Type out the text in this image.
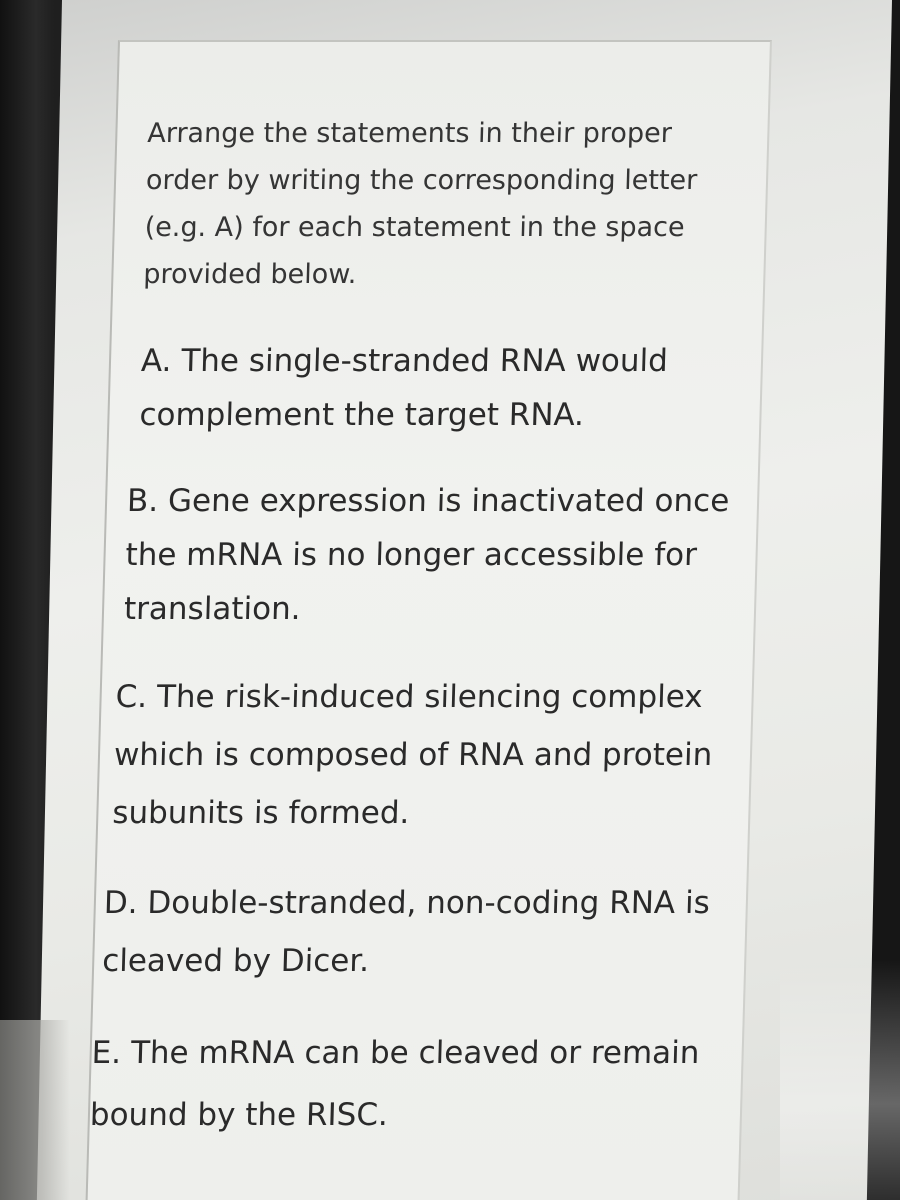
Arrange the statements in their proper order by writing the corresponding letter (e.g. A) for each statement in the space provided below.

A. The single-stranded RNA would complement the target RNA.

B. Gene expression is inactivated once the mRNA is no longer accessible for translation.

C. The risk-induced silencing complex which is composed of RNA and protein subunits is formed.

D. Double-stranded, non-coding RNA is cleaved by Dicer.

E. The mRNA can be cleaved or remain bound by the RISC.
